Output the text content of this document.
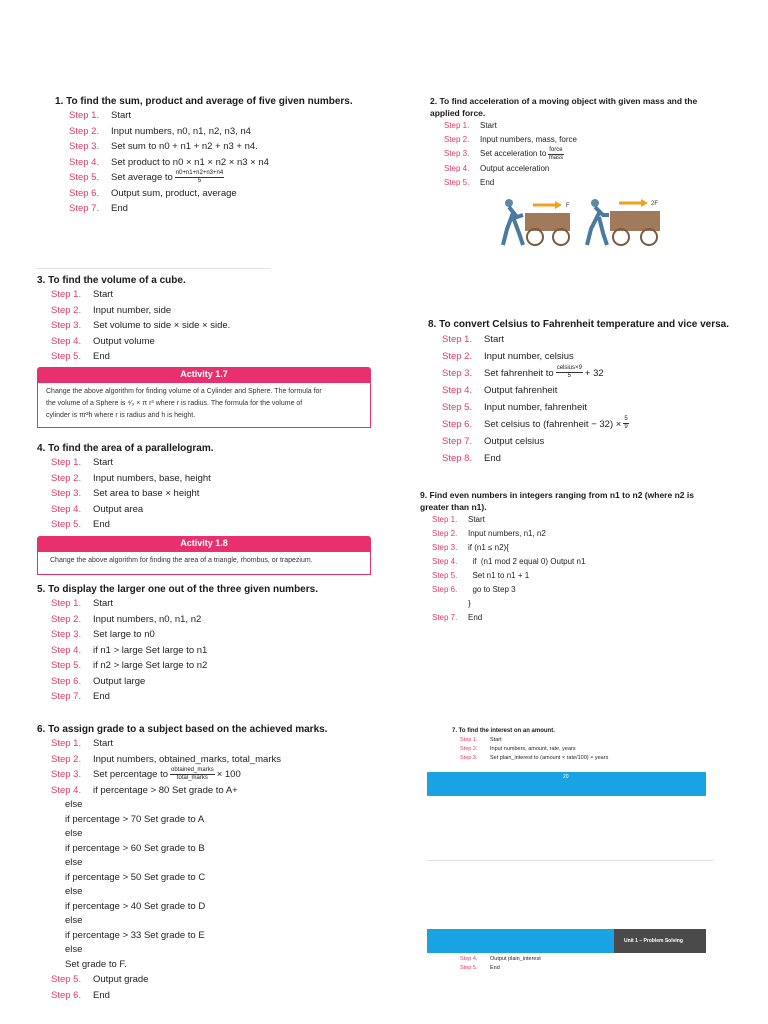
1. To find the sum, product and average of five given numbers.
Step 1.	Start
Step 2.	Input numbers, n0, n1, n2, n3, n4
Step 3.	Set sum to n0 + n1 + n2 + n3 + n4.
Step 4.	Set product to n0 × n1 × n2 × n3 × n4
Step 5.	Set average to $\frac{n0+n1+n2+n3+n4}{5}$
Step 6.	Output sum, product, average
Step 7.	End
2. To find acceleration of a moving object with given mass and the applied force.
Step 1.	Start
Step 2.	Input numbers, mass, force
Step 3.	Set acceleration to $\frac{\text{force}}{\text{mass}}$
Step 4.	Output acceleration
Step 5.	End
F	2F
3. To find the volume of a cube.
Step 1.	Start
Step 2.	Input number, side
Step 3.	Set volume to side × side × side.
Step 4.	Output volume
Step 5.	End
Activity 1.7
Change the above algorithm for finding volume of a Cylinder and Sphere. The formula for
the volume of a Sphere is ⁴⁄₃ × π r³ where r is radius. The formula for the volume of
cylinder is πr²h where r is radius and h is height.
4. To find the area of a parallelogram.
Step 1.	Start
Step 2.	Input numbers, base, height
Step 3.	Set area to base × height
Step 4.	Output area
Step 5.	End
Activity 1.8
Change the above algorithm for finding the area of a triangle, rhombus, or trapezium.
5. To display the larger one out of the three given numbers.
Step 1.	Start
Step 2.	Input numbers, n0, n1, n2
Step 3.	Set large to n0
Step 4.	if n1 > large Set large to n1
Step 5.	if n2 > large Set large to n2
Step 6.	Output large
Step 7.	End
6. To assign grade to a subject based on the achieved marks.
Step 1.	Start
Step 2.	Input numbers, obtained_marks, total_marks
Step 3.	Set percentage to $\frac{\text{obtained\_marks}}{\text{total\_marks}} \times 100$
Step 4.	if percentage > 80 Set grade to A+
else
if percentage > 70 Set grade to A
else
if percentage > 60 Set grade to B
else
if percentage > 50 Set grade to C
else
if percentage > 40 Set grade to D
else
if percentage > 33 Set grade to E
else
Set grade to F.
Step 5.	Output grade
Step 6.	End
8. To convert Celsius to Fahrenheit temperature and vice versa.
Step 1.	Start
Step 2.	Input number, celsius
Step 3.	Set fahrenheit to $\frac{\text{celsius×9}}{5} + 32$
Step 4.	Output fahrenheit
Step 5.	Input number, fahrenheit
Step 6.	Set celsius to (fahrenheit − $32) \times \frac{5}{9}$
Step 7.	Output celsius
Step 8.	End
9. Find even numbers in integers ranging from n1 to n2 (where n2 is greater than n1).
Step 1.	Start
Step 2.	Input numbers, n1, n2
Step 3.	if (n1 ≤ n2){
Step 4.	if  (n1 mod 2 equal 0) Output n1
Step 5.	Set n1 to n1 + 1
Step 6.	go to Step 3
}
Step 7.	End
7. To find the interest on an amount.
Step 1.	Start
Step 2.	Input numbers, amount, rate, years
Step 3.	Set plain_interest to (amount × rate/100) × years
20
Unit 1 – Problem Solving
Step 4.	Output plain_interest
Step 5.	End
